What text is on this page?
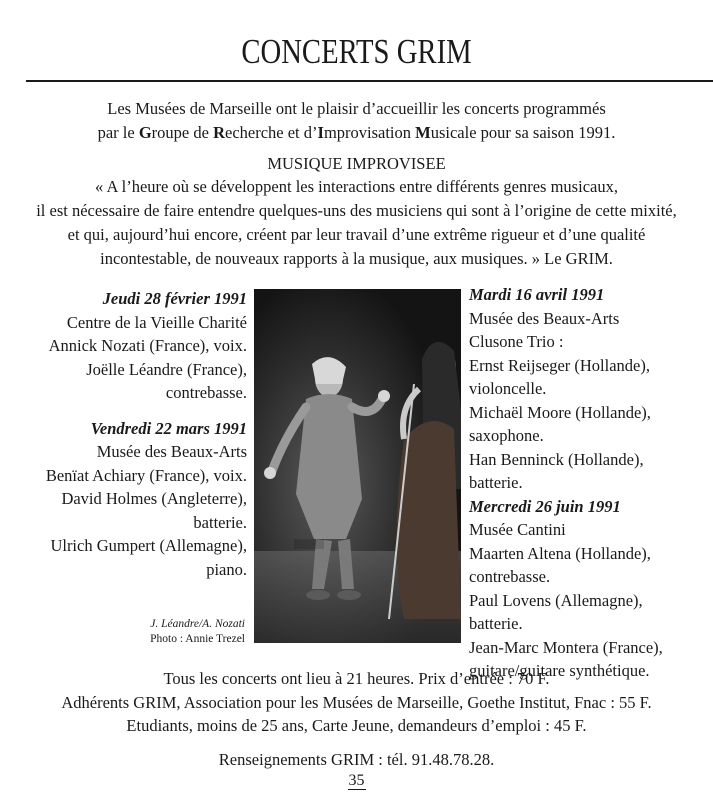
CONCERTS GRIM
Les Musées de Marseille ont le plaisir d’accueillir les concerts programmés
par le Groupe de Recherche et d’Improvisation Musicale pour sa saison 1991.
MUSIQUE IMPROVISEE
« A l’heure où se développent les interactions entre différents genres musicaux,
il est nécessaire de faire entendre quelques-uns des musiciens qui sont à l’origine de cette mixité,
et qui, aujourd’hui encore, créent par leur travail d’une extrême rigueur et d’une qualité
incontestable, de nouveaux rapports à la musique, aux musiques. » Le GRIM.
Jeudi 28 février 1991
Centre de la Vieille Charité
Annick Nozati (France), voix.
Joëlle Léandre (France),
contrebasse.
Vendredi 22 mars 1991
Musée des Beaux-Arts
Benïat Achiary (France), voix.
David Holmes (Angleterre),
batterie.
Ulrich Gumpert (Allemagne),
piano.
J. Léandre/A. Nozati
Photo : Annie Trezel
Mardi 16 avril 1991
Musée des Beaux-Arts
Clusone Trio :
Ernst Reijseger (Hollande),
violoncelle.
Michaël Moore (Hollande),
saxophone.
Han Benninck (Hollande),
batterie.
Mercredi 26 juin 1991
Musée Cantini
Maarten Altena (Hollande),
contrebasse.
Paul Lovens (Allemagne),
batterie.
Jean-Marc Montera (France),
guitare/guitare synthétique.
Tous les concerts ont lieu à 21 heures. Prix d’entrée : 70 F.
Adhérents GRIM, Association pour les Musées de Marseille, Goethe Institut, Fnac : 55 F.
Etudiants, moins de 25 ans, Carte Jeune, demandeurs d’emploi : 45 F.
Renseignements GRIM : tél. 91.48.78.28.
35
